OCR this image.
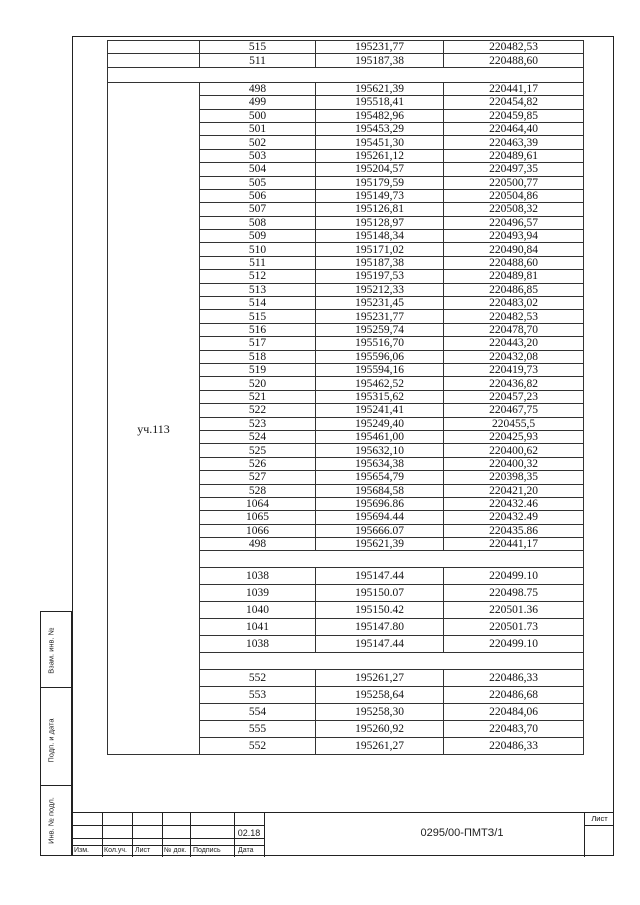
	515	195231,77	220482,53
	511	195187,38	220488,60

уч.113	498	195621,39	220441,17
	499	195518,41	220454,82
	500	195482,96	220459,85
	501	195453,29	220464,40
	502	195451,30	220463,39
	503	195261,12	220489,61
	504	195204,57	220497,35
	505	195179,59	220500,77
	506	195149,73	220504,86
	507	195126,81	220508,32
	508	195128,97	220496,57
	509	195148,34	220493,94
	510	195171,02	220490,84
	511	195187,38	220488,60
	512	195197,53	220489,81
	513	195212,33	220486,85
	514	195231,45	220483,02
	515	195231,77	220482,53
	516	195259,74	220478,70
	517	195516,70	220443,20
	518	195596,06	220432,08
	519	195594,16	220419,73
	520	195462,52	220436,82
	521	195315,62	220457,23
	522	195241,41	220467,75
	523	195249,40	220455,5
	524	195461,00	220425,93
	525	195632,10	220400,62
	526	195634,38	220400,32
	527	195654,79	220398,35
	528	195684,58	220421,20
	1064	195696.86	220432.46
	1065	195694.44	220432.49
	1066	195666.07	220435.86
	498	195621,39	220441,17

	1038	195147.44	220499.10
	1039	195150.07	220498.75
	1040	195150.42	220501.36
	1041	195147.80	220501.73
	1038	195147.44	220499.10

	552	195261,27	220486,33
	553	195258,64	220486,68
	554	195258,30	220484,06
	555	195260,92	220483,70
	552	195261,27	220486,33
Взам. инв. №
Подп. и дата
Инв. № подл.
Изм. Кол.уч. Лист № док. Подпись Дата
02.18	0295/00-ПМТЗ/1
Лист
